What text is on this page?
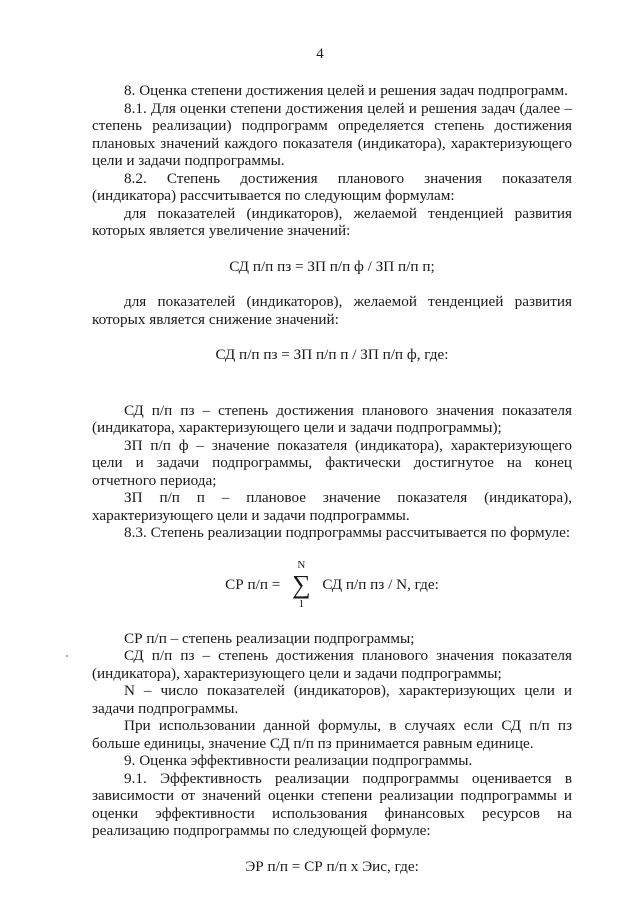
4

8. Оценка степени достижения целей и решения задач подпрограмм.

8.1. Для оценки степени достижения целей и решения задач (далее – степень реализации) подпрограмм определяется степень достижения плановых значений каждого показателя (индикатора), характеризующего цели и задачи подпрограммы.

8.2. Степень достижения планового значения показателя (индикатора) рассчитывается по следующим формулам:

для показателей (индикаторов), желаемой тенденцией развития которых является увеличение значений:

СД п/п пз = ЗП п/п ф / ЗП п/п п;

для показателей (индикаторов), желаемой тенденцией развития которых является снижение значений:

СД п/п пз = ЗП п/п п / ЗП п/п ф, где:

СД п/п пз – степень достижения планового значения показателя (индикатора, характеризующего цели и задачи подпрограммы);

ЗП п/п ф – значение показателя (индикатора), характеризующего цели и задачи подпрограммы, фактически достигнутое на конец отчетного периода;

ЗП п/п п – плановое значение показателя (индикатора), характеризующего цели и задачи подпрограммы.

8.3. Степень реализации подпрограммы рассчитывается по формуле:

СР п/п =
N
∑
1
СД п/п пз / N, где:

СР п/п – степень реализации подпрограммы;

СД п/п пз – степень достижения планового значения показателя (индикатора), характеризующего цели и задачи подпрограммы;

N – число показателей (индикаторов), характеризующих цели и задачи подпрограммы.

При использовании данной формулы, в случаях если СД п/п пз больше единицы, значение СД п/п пз принимается равным единице.

9. Оценка эффективности реализации подпрограммы.

9.1. Эффективность реализации подпрограммы оценивается в зависимости от значений оценки степени реализации подпрограммы и оценки эффективности использования финансовых ресурсов на реализацию подпрограммы по следующей формуле:

ЭР п/п = СР п/п х Эис, где:
